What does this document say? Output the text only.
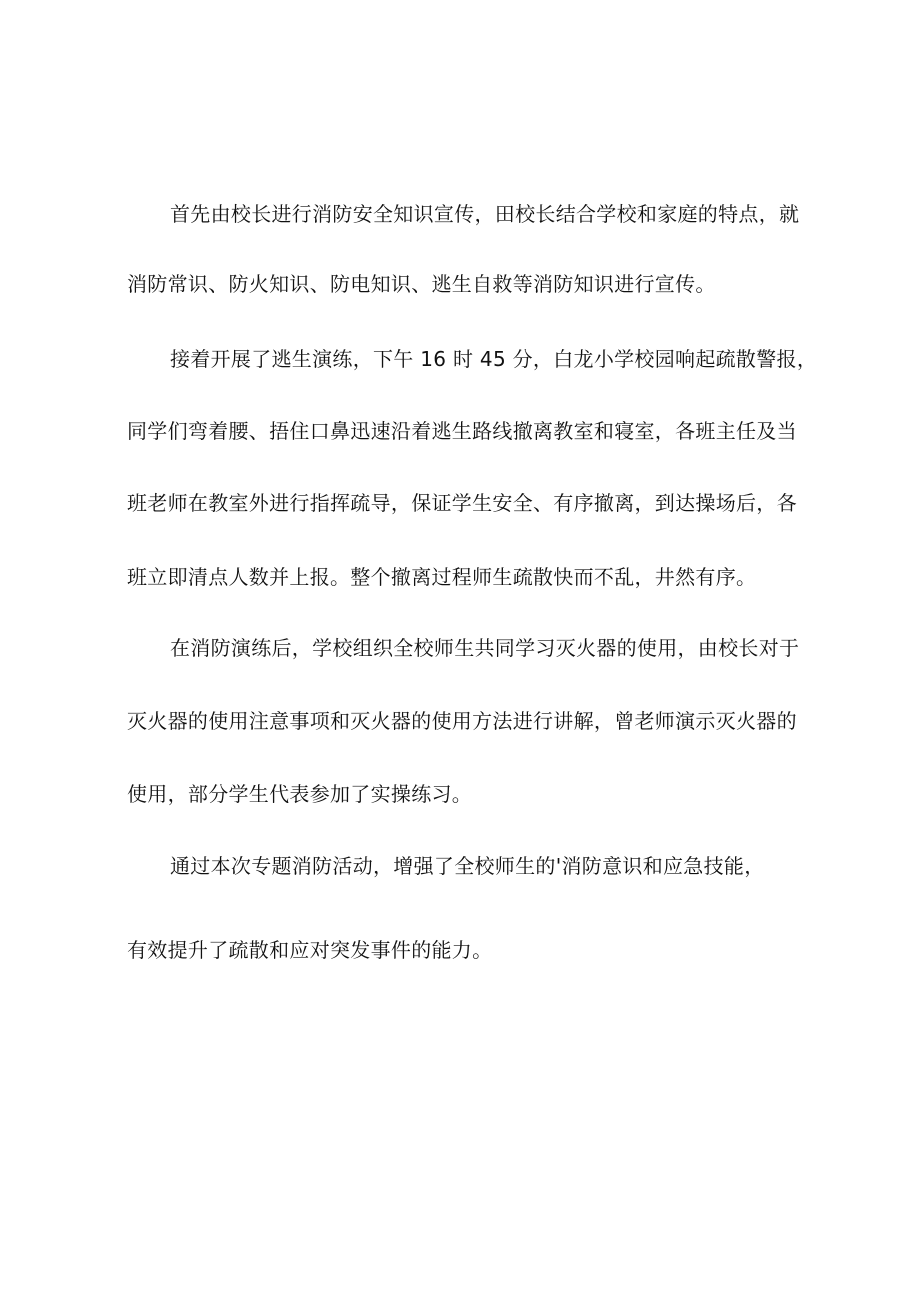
首先由校长进行消防安全知识宣传，田校长结合学校和家庭的特点，就

消防常识、防火知识、防电知识、逃生自救等消防知识进行宣传。

接着开展了逃生演练，下午 16 时 45 分，白龙小学校园响起疏散警报，

同学们弯着腰、捂住口鼻迅速沿着逃生路线撤离教室和寝室，各班主任及当

班老师在教室外进行指挥疏导，保证学生安全、有序撤离，到达操场后，各

班立即清点人数并上报。整个撤离过程师生疏散快而不乱，井然有序。

在消防演练后，学校组织全校师生共同学习灭火器的使用，由校长对于

灭火器的使用注意事项和灭火器的使用方法进行讲解，曾老师演示灭火器的

使用，部分学生代表参加了实操练习。

通过本次专题消防活动，增强了全校师生的'消防意识和应急技能，

有效提升了疏散和应对突发事件的能力。
